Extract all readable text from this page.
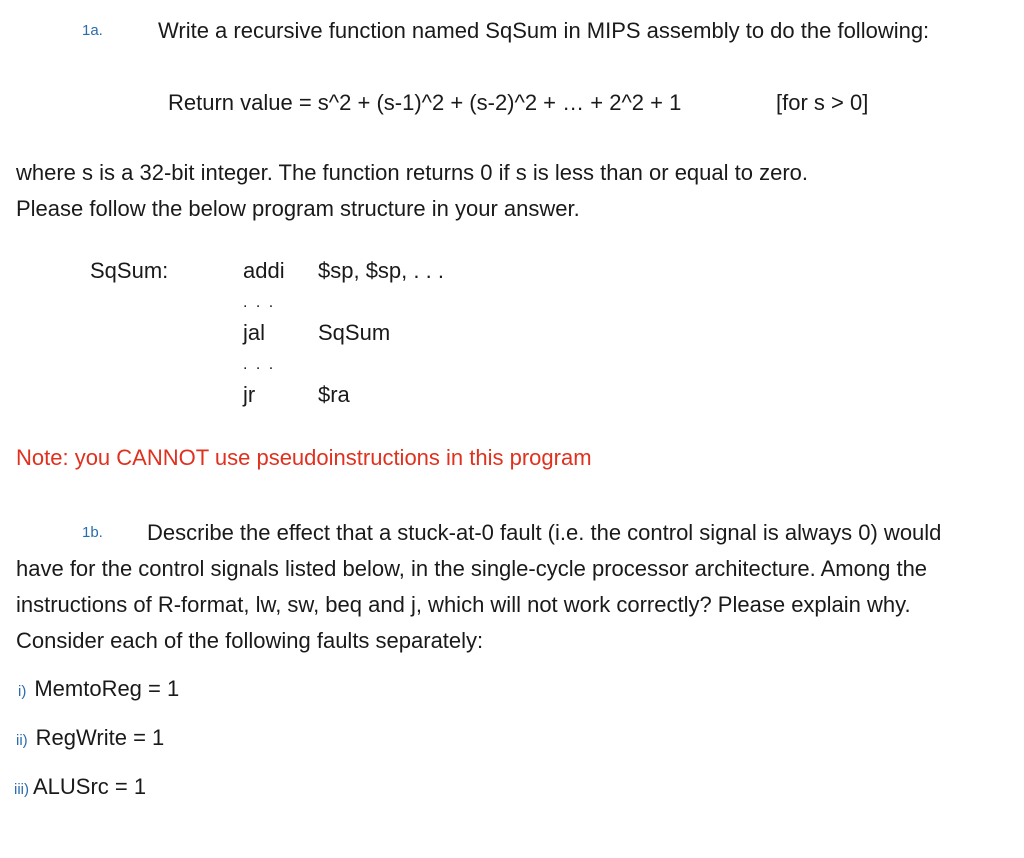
1a.	Write a recursive function named SqSum in MIPS assembly to do the following:
Return value = s^2 + (s-1)^2 + (s-2)^2 + … + 2^2 + 1	[for s > 0]
where s is a 32-bit integer. The function returns 0 if s is less than or equal to zero.
Please follow the below program structure in your answer.
SqSum:	addi $sp, $sp, . . .
. . .
jal SqSum
. . .
jr	$ra
Note: you CANNOT use pseudoinstructions in this program
1b. Describe the effect that a stuck-at-0 fault (i.e. the control signal is always 0) would
have for the control signals listed below, in the single-cycle processor architecture. Among the
instructions of R-format, lw, sw, beq and j, which will not work correctly? Please explain why.
Consider each of the following faults separately:
i) MemtoReg = 1
ii) RegWrite = 1
iii) ALUSrc = 1
